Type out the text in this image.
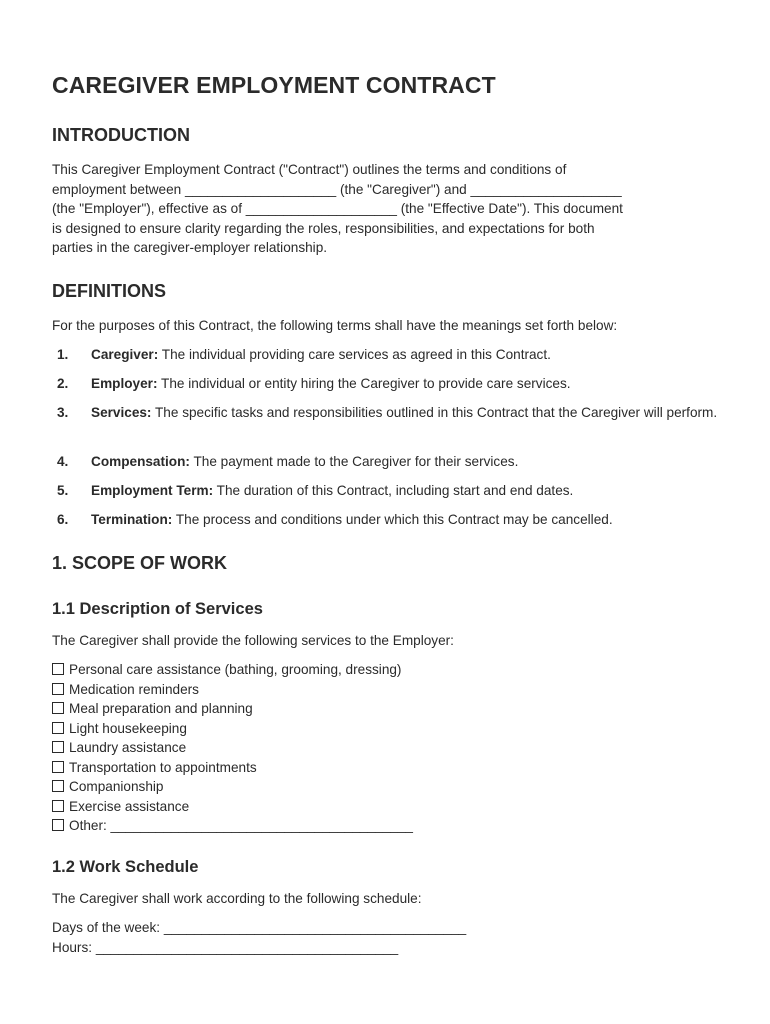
CAREGIVER EMPLOYMENT CONTRACT
INTRODUCTION
This Caregiver Employment Contract ("Contract") outlines the terms and conditions of
employment between ____________________ (the "Caregiver") and ____________________
(the "Employer"), effective as of ____________________ (the "Effective Date"). This document
is designed to ensure clarity regarding the roles, responsibilities, and expectations for both
parties in the caregiver-employer relationship.
DEFINITIONS
For the purposes of this Contract, the following terms shall have the meanings set forth below:
1. Caregiver: The individual providing care services as agreed in this Contract.
2. Employer: The individual or entity hiring the Caregiver to provide care services.
3. Services: The specific tasks and responsibilities outlined in this Contract that the Caregiver will perform.
4. Compensation: The payment made to the Caregiver for their services.
5. Employment Term: The duration of this Contract, including start and end dates.
6. Termination: The process and conditions under which this Contract may be cancelled.
1. SCOPE OF WORK
1.1 Description of Services
The Caregiver shall provide the following services to the Employer:
Personal care assistance (bathing, grooming, dressing)
Medication reminders
Meal preparation and planning
Light housekeeping
Laundry assistance
Transportation to appointments
Companionship
Exercise assistance
Other: ________________________________________
1.2 Work Schedule
The Caregiver shall work according to the following schedule:
Days of the week: ________________________________________
Hours: ________________________________________
